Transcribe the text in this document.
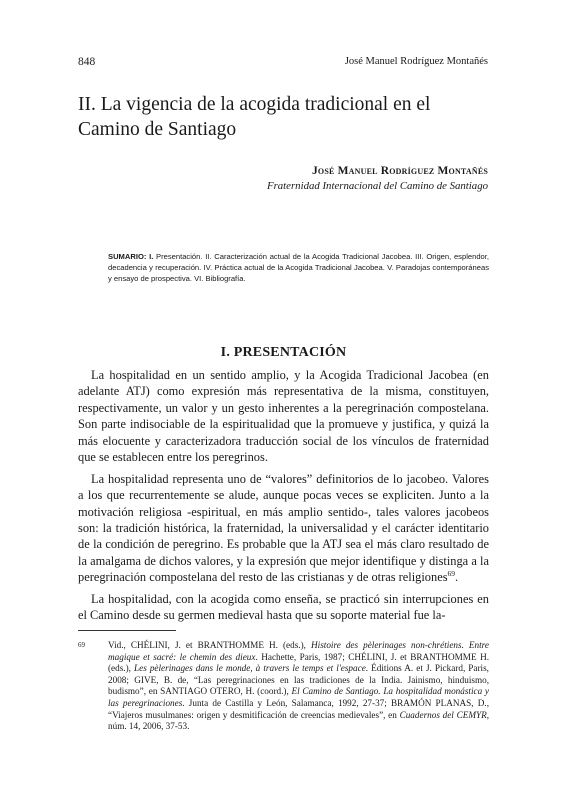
848	José Manuel Rodríguez Montañés
II. La vigencia de la acogida tradicional en el Camino de Santiago
José Manuel Rodríguez Montañés
Fraternidad Internacional del Camino de Santiago
SUMARIO: I. Presentación. II. Caracterización actual de la Acogida Tradicional Jacobea. III. Origen, esplendor, decadencia y recuperación. IV. Práctica actual de la Acogida Tradicional Jacobea. V. Paradojas contemporáneas y ensayo de prospectiva. VI. Bibliografía.
I. PRESENTACIÓN

La hospitalidad en un sentido amplio, y la Acogida Tradicional Jacobea (en adelante ATJ) como expresión más representativa de la misma, constituyen, respectivamente, un valor y un gesto inherentes a la peregrinación compostelana. Son parte indisociable de la espiritualidad que la promueve y justifica, y quizá la más elocuente y caracterizadora traducción social de los vínculos de fraternidad que se establecen entre los peregrinos.

La hospitalidad representa uno de “valores” definitorios de lo jacobeo. Valores a los que recurrentemente se alude, aunque pocas veces se expliciten. Junto a la motivación religiosa -espiritual, en más amplio sentido-, tales valores jacobeos son: la tradición histórica, la fraternidad, la universalidad y el carácter identitario de la condición de peregrino. Es probable que la ATJ sea el más claro resultado de la amalgama de dichos valores, y la expresión que mejor identifique y distinga a la peregrinación compostelana del resto de las cristianas y de otras religiones$^{69}$.

La hospitalidad, con la acogida como enseña, se practicó sin interrupciones en el Camino desde su germen medieval hasta que su soporte material fue la-

69	Vid., CHÉLINI, J. et BRANTHOMME H. (eds.), Histoire des pèlerinages non-chrétiens. Entre magique et sacré: le chemin des dieux. Hachette, Paris, 1987; CHÉLINI, J. et BRANTHOMME H. (eds.), Les pèlerinages dans le monde, à travers le temps et l'espace. Éditions A. et J. Pickard, Paris, 2008; GIVE, B. de, “Las peregrinaciones en las tradiciones de la India. Jainismo, hinduismo, budismo”, en SANTIAGO OTERO, H. (coord.), El Camino de Santiago. La hospitalidad monástica y las peregrinaciones. Junta de Castilla y León, Salamanca, 1992, 27-37; BRAMÓN PLANAS, D., “Viajeros musulmanes: origen y desmitificación de creencias medievales”, en Cuadernos del CEMYR, núm. 14, 2006, 37-53.
